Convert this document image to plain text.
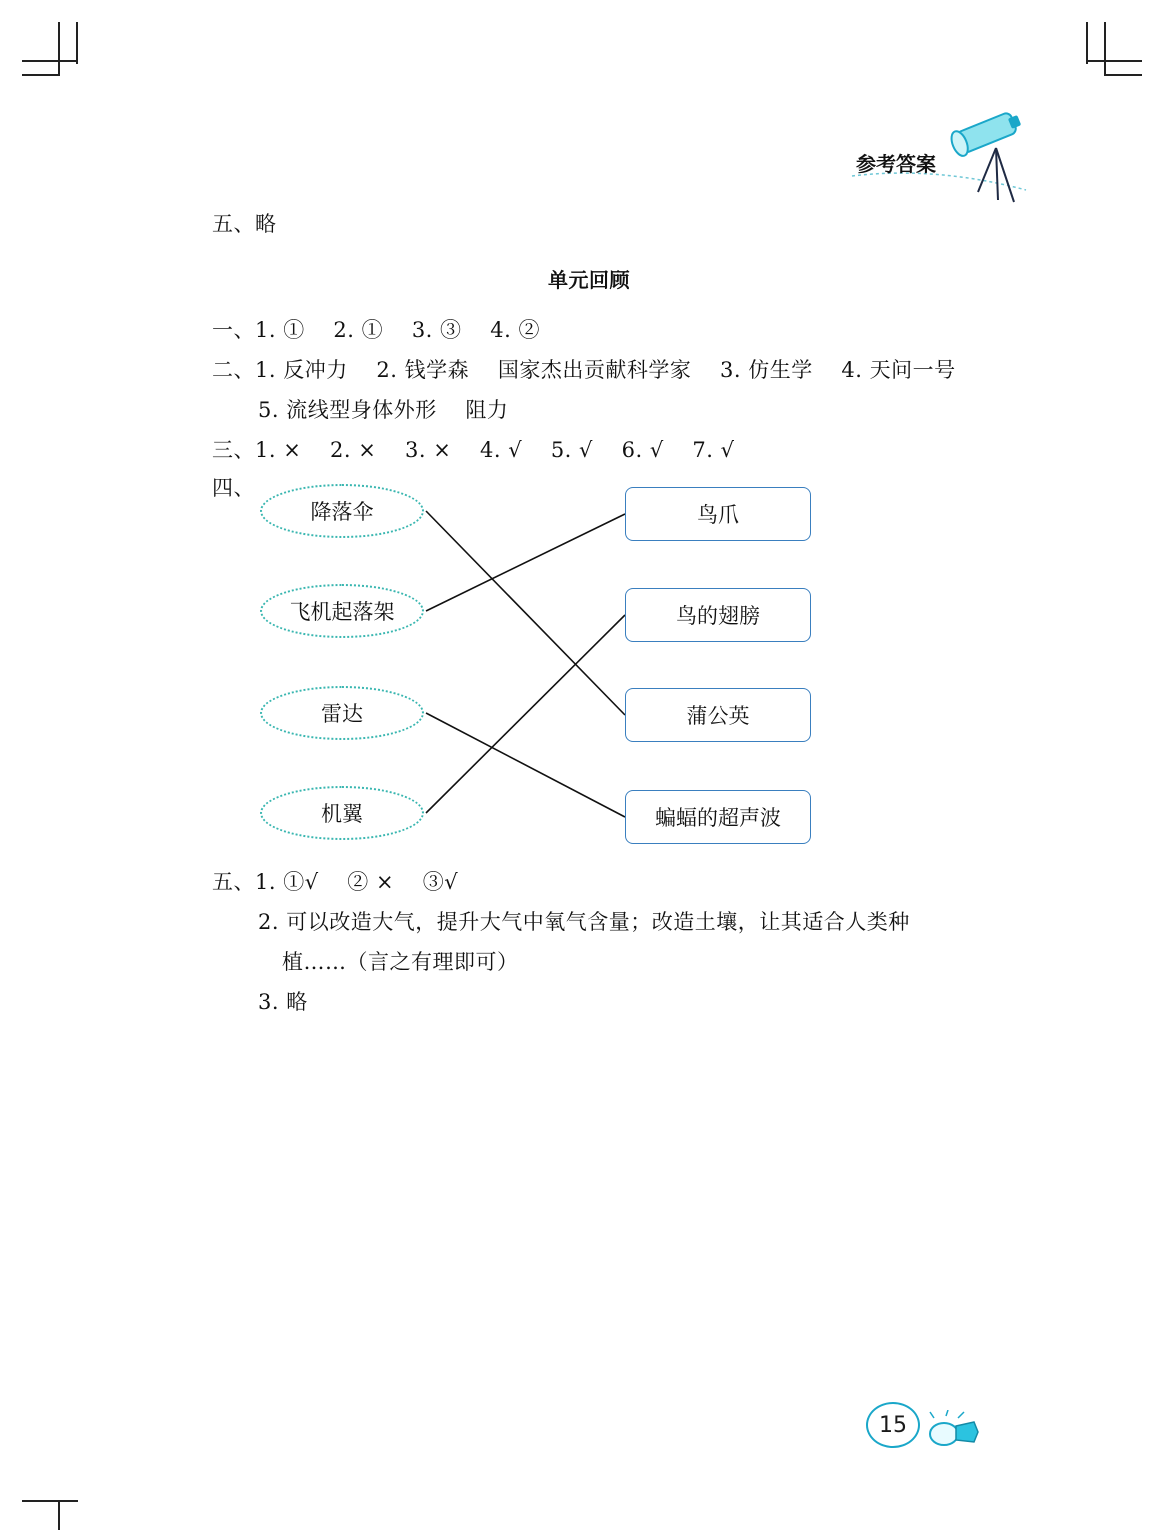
参考答案
五、略
单元回顾
一、1. ①    2. ①    3. ③    4. ②
二、1. 反冲力    2. 钱学森    国家杰出贡献科学家    3. 仿生学    4. 天问一号
5. 流线型身体外形    阻力
三、1. ×    2. ×    3. ×    4. √    5. √    6. √    7. √
四、
降落伞
飞机起落架
雷达
机翼
鸟爪
鸟的翅膀
蒲公英
蝙蝠的超声波
五、1. ①√    ② ×    ③√
2. 可以改造大气，提升大气中氧气含量；改造土壤，让其适合人类种
植……（言之有理即可）
3. 略
15
